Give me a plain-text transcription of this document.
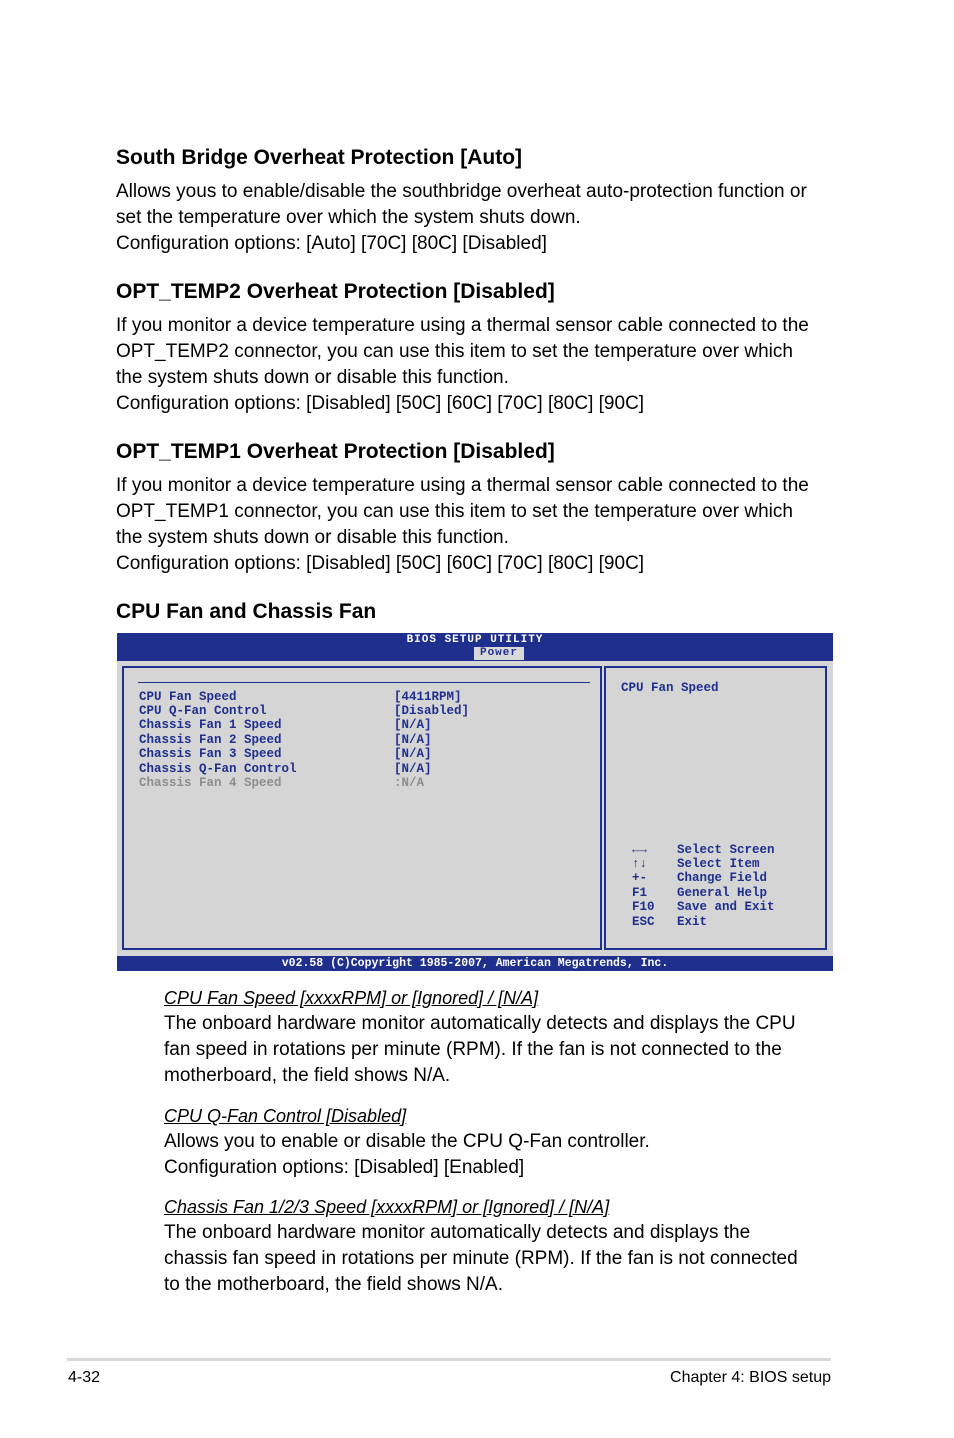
South Bridge Overheat Protection [Auto]
Allows yous to enable/disable the southbridge overheat auto-protection function or
set the temperature over which the system shuts down.
Configuration options: [Auto] [70C] [80C] [Disabled]
OPT_TEMP2 Overheat Protection [Disabled]
If you monitor a device temperature using a thermal sensor cable connected to the
OPT_TEMP2 connector, you can use this item to set the temperature over which
the system shuts down or disable this function.
Configuration options: [Disabled] [50C] [60C] [70C] [80C] [90C]
OPT_TEMP1 Overheat Protection [Disabled]
If you monitor a device temperature using a thermal sensor cable connected to the
OPT_TEMP1 connector, you can use this item to set the temperature over which
the system shuts down or disable this function.
Configuration options: [Disabled] [50C] [60C] [70C] [80C] [90C]
CPU Fan and Chassis Fan
BIOS SETUP UTILITY
Power
CPU Fan Speed	[4411RPM]
CPU Q-Fan Control	[Disabled]
Chassis Fan 1 Speed	[N/A]
Chassis Fan 2 Speed	[N/A]
Chassis Fan 3 Speed	[N/A]
Chassis Q-Fan Control	[N/A]
Chassis Fan 4 Speed	:N/A
CPU Fan Speed
←→ Select Screen
↑↓ Select Item
+- Change Field
F1 General Help
F10 Save and Exit
ESC Exit
v02.58 (C)Copyright 1985-2007, American Megatrends, Inc.
CPU Fan Speed [xxxxRPM] or [Ignored] / [N/A]
The onboard hardware monitor automatically detects and displays the CPU
fan speed in rotations per minute (RPM). If the fan is not connected to the
motherboard, the field shows N/A.
CPU Q-Fan Control [Disabled]
Allows you to enable or disable the CPU Q-Fan controller.
Configuration options: [Disabled] [Enabled]
Chassis Fan 1/2/3 Speed [xxxxRPM] or [Ignored] / [N/A]
The onboard hardware monitor automatically detects and displays the
chassis fan speed in rotations per minute (RPM). If the fan is not connected
to the motherboard, the field shows N/A.
4-32	Chapter 4: BIOS setup
